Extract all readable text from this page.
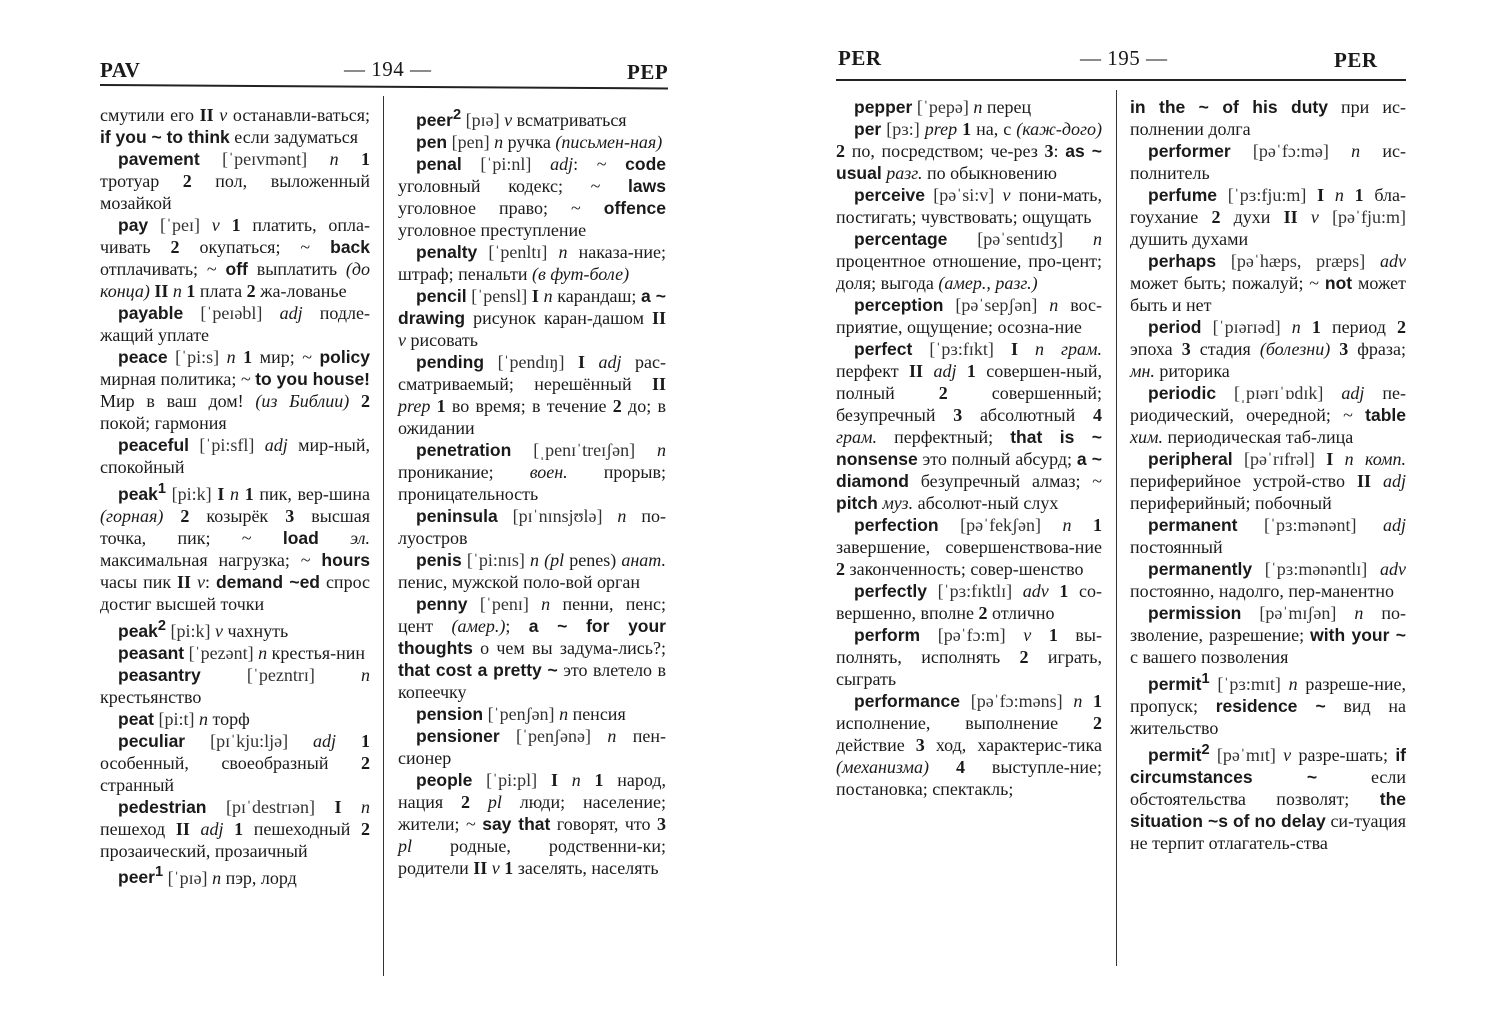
PAV	— 194 —	PEP

смутили его II v останавли-ваться; if you ~ to think если задуматься

pavement [ˈpeɪvmənt] n 1 тротуар 2 пол, выложенный мозайкой

pay [ˈpeɪ] v 1 платить, опла-чивать 2 окупаться; ~ back отплачивать; ~ off выплатить (до конца) II n 1 плата 2 жа-лованье

payable [ˈpeɪəbl] adj подле-жащий уплате

peace [ˈpi:s] n 1 мир; ~ policy мирная политика; ~ to you house! Мир в ваш дом! (из Библии) 2 покой; гармония

peaceful [ˈpi:sfl] adj мир-ный, спокойный

peak$^1$ [pi:k] I n 1 пик, вер-шина (горная) 2 козырёк 3 высшая точка, пик; ~ load эл. максимальная нагрузка; ~ hours часы пик II v: demand ~ed спрос достиг высшей точки

peak$^2$ [pi:k] v чахнуть

peasant [ˈpezənt] n крестья-нин

peasantry	[ˈpezntrɪ]	n крестьянство

peat [pi:t] n торф

peculiar [pɪˈkju:ljə] adj 1 особенный, своеобразный 2 странный

pedestrian [pɪˈdestrɪən] I n пешеход II adj 1 пешеходный 2 прозаический, прозаичный

peer$^1$ [ˈpɪə] n пэр, лорд

peer$^2$ [pɪə] v всматриваться

pen [pen] n ручка (письмен-ная)

penal [ˈpi:nl] adj: ~ code уголовный кодекс; ~ laws уголовное право; ~ offence уголовное преступление

penalty [ˈpenltɪ] n наказа-ние; штраф; пенальти (в фут-боле)

pencil [ˈpensl] I n карандаш; a ~ drawing рисунок каран-дашом II v рисовать

pending [ˈpendɪŋ] I adj рас-сматриваемый; нерешённый II prep 1 во время; в течение 2 до; в ожидании

penetration [ˌpenɪˈtreɪʃən] n проникание; воен. прорыв; проницательность

peninsula [pɪˈnɪnsjʊlə] n по-луостров

penis [ˈpi:nɪs] n (pl penes) анат. пенис, мужской поло-вой орган

penny [ˈpenɪ] n пенни, пенс; цент (амер.); a ~ for your thoughts о чем вы задума-лись?; that cost a pretty ~ это влетело в копеечку

pension [ˈpenʃən] n пенсия

pensioner [ˈpenʃənə] n пен-сионер

people [ˈpi:pl] I n 1 народ, нация 2 pl люди; население; жители; ~ say that говорят, что 3 pl родные, родственни-ки; родители II v 1 заселять, населять

PER	— 195 —	PER

pepper [ˈpepə] n перец

per [pɜ:] prep 1 на, с (каж-дого) 2 по, посредством; че-рез 3: as ~ usual разг. по обыкновению

perceive [pəˈsi:v] v пони-мать, постигать; чувствовать; ощущать

percentage [pəˈsentɪdʒ] n процентное отношение, про-цент; доля; выгода (амер., разг.)

perception [pəˈsepʃən] n вос-приятие, ощущение; осозна-ние

perfect [ˈpɜ:fɪkt] I n грам. перфект II adj 1 совершен-ный, полный 2 совершенный; безупречный 3 абсолютный 4 грам. перфектный; that is ~ nonsense это полный абсурд; a ~ diamond безупречный алмаз; ~ pitch муз. абсолют-ный слух

perfection [pəˈfekʃən] n 1 завершение, совершенствова-ние 2 законченность; совер-шенство

perfectly [ˈpɜ:fɪktlɪ] adv 1 со-вершенно, вполне 2 отлично

perform [pəˈfɔ:m] v 1 вы-полнять, исполнять 2 играть, сыграть

performance [pəˈfɔ:məns] n 1 исполнение, выполнение 2 действие 3 ход, характерис-тика (механизма) 4 выступле-ние; постановка; спектакль;

in the ~ of his duty при ис-полнении долга

performer [pəˈfɔ:mə] n ис-полнитель

perfume [ˈpɜ:fju:m] I n 1 бла-гоухание 2 духи II v [pəˈfju:m] душить духами

perhaps [pəˈhæps, præps] adv может быть; пожалуй; ~ not может быть и нет

period [ˈpɪərɪəd] n 1 период 2 эпоха 3 стадия (болезни) 3 фраза; мн. риторика

periodic [ˌpɪərɪˈɒdɪk] adj пе-риодический, очередной; ~ table хим. периодическая таб-лица

peripheral [pəˈrɪfrəl] I n комп. периферийное устрой-ство II adj периферийный; побочный

permanent [ˈpɜ:mənənt] adj постоянный

permanently [ˈpɜ:mənəntlɪ] adv постоянно, надолго, пер-манентно

permission [pəˈmɪʃən] n по-зволение, разрешение; with your ~ с вашего позволения

permit$^1$ [ˈpɜ:mɪt] n разреше-ние, пропуск; residence ~ вид на жительство

permit$^2$ [pəˈmɪt] v разре-шать; if circumstances ~ если обстоятельства позволят; the situation ~s of no delay си-туация не терпит отлагатель-ства
